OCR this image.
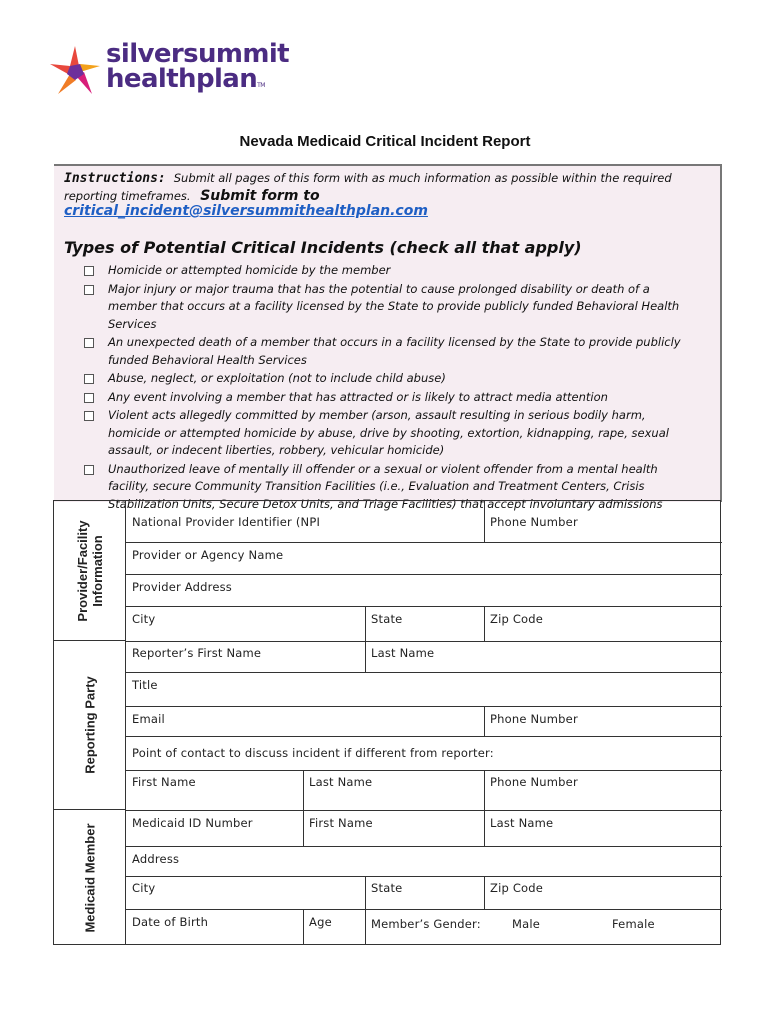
silversummit
healthplanTM
Nevada Medicaid Critical Incident Report
Instructions: Submit all pages of this form with as much information as possible within the required
reporting timeframes. Submit form to
critical_incident@silversummithealthplan.com
Types of Potential Critical Incidents (check all that apply)
Homicide or attempted homicide by the member
Major injury or major trauma that has the potential to cause prolonged disability or death of a member that occurs at a facility licensed by the State to provide publicly funded Behavioral Health Services
An unexpected death of a member that occurs in a facility licensed by the State to provide publicly funded Behavioral Health Services
Abuse, neglect, or exploitation (not to include child abuse)
Any event involving a member that has attracted or is likely to attract media attention
Violent acts allegedly committed by member (arson, assault resulting in serious bodily harm, homicide or attempted homicide by abuse, drive by shooting, extortion, kidnapping, rape, sexual assault, or indecent liberties, robbery, vehicular homicide)
Unauthorized leave of mentally ill offender or a sexual or violent offender from a mental health facility, secure Community Transition Facilities (i.e., Evaluation and Treatment Centers, Crisis Stabilization Units, Secure Detox Units, and Triage Facilities) that accept involuntary admissions
Provider/Facility Information
Reporting Party
Medicaid Member
National Provider Identifier (NPI	Phone Number
Provider or Agency Name
Provider Address
City	State	Zip Code
Reporter’s First Name	Last Name
Title
Email	Phone Number
Point of contact to discuss incident if different from reporter:
First Name	Last Name	Phone Number
Medicaid ID Number	First Name	Last Name
Address
City	State	Zip Code
Date of Birth	Age	Member’s Gender:	Male	Female
